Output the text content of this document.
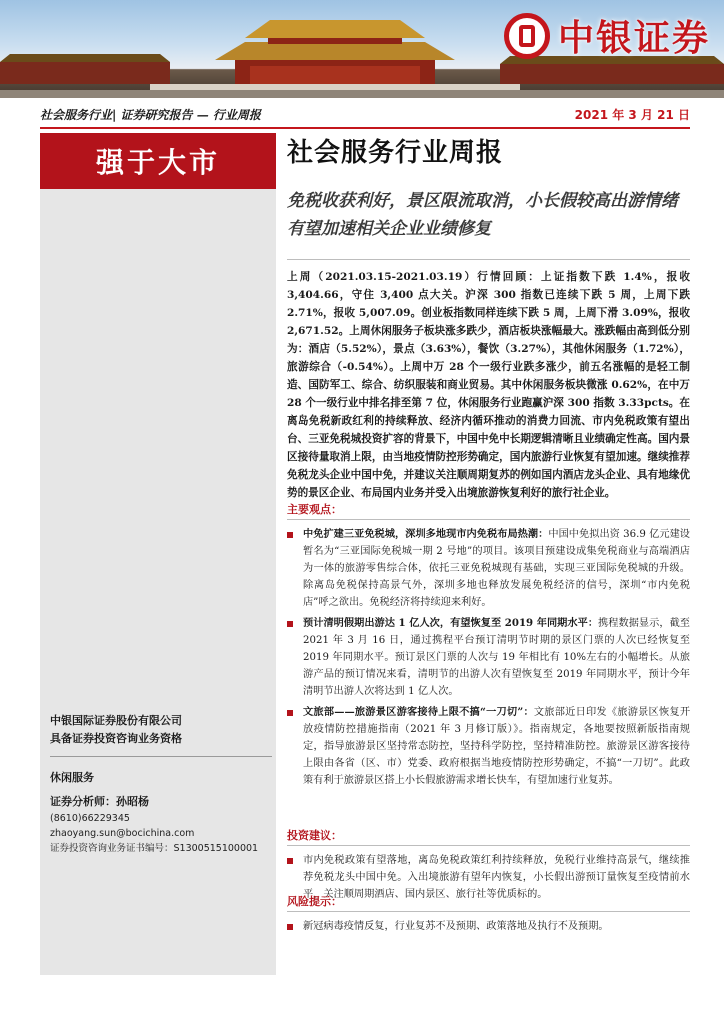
中银证券
社会服务行业| 证券研究报告 — 行业周报	2021 年 3 月 21 日
强于大市
中银国际证券股份有限公司
具备证券投资咨询业务资格
休闲服务
证券分析师：孙昭杨
(8610)66229345
zhaoyang.sun@bocichina.com
证券投资咨询业务证书编号：S1300515100001
社会服务行业周报
免税收获利好，景区限流取消，小长假较高出游情绪有望加速相关企业业绩修复
上周（2021.03.15-2021.03.19）行情回顾：上证指数下跌 1.4%，报收 3,404.66，守住 3,400 点大关。沪深 300 指数已连续下跌 5 周，上周下跌 2.71%，报收 5,007.09。创业板指数同样连续下跌 5 周，上周下滑 3.09%，报收 2,671.52。上周休闲服务子板块涨多跌少，酒店板块涨幅最大。涨跌幅由高到低分别为：酒店（5.52%），景点（3.63%），餐饮（3.27%），其他休闲服务（1.72%），旅游综合（-0.54%）。上周中万 28 个一级行业跌多涨少，前五名涨幅的是轻工制造、国防军工、综合、纺织服装和商业贸易。其中休闲服务板块微涨 0.62%，在中万 28 个一级行业中排名排至第 7 位，休闲服务行业跑赢沪深 300 指数 3.33pcts。在离岛免税新政红利的持续释放、经济内循环推动的消费力回流、市内免税政策有望出台、三亚免税城投资扩容的背景下，中国中免中长期逻辑清晰且业绩确定性高。国内景区接待量取消上限，由当地疫情防控形势确定，国内旅游行业恢复有望加速。继续推荐免税龙头企业中国中免，并建议关注顺周期复苏的例如国内酒店龙头企业、具有地缘优势的景区企业、布局国内业务并受入出境旅游恢复利好的旅行社企业。
主要观点：
中免扩建三亚免税城，深圳多地现市内免税布局热潮：中国中免拟出资 36.9 亿元建设暂名为“三亚国际免税城一期 2 号地”的项目。该项目预建设成集免税商业与高端酒店为一体的旅游零售综合体，依托三亚免税城现有基础，实现三亚国际免税城的升级。除离岛免税保持高景气外，深圳多地也释放发展免税经济的信号，深圳“市内免税店”呼之欲出。免税经济将持续迎来利好。
预计清明假期出游达 1 亿人次，有望恢复至 2019 年同期水平：携程数据显示，截至 2021 年 3 月 16 日，通过携程平台预订清明节时期的景区门票的人次已经恢复至 2019 年同期水平。预订景区门票的人次与 19 年相比有 10%左右的小幅增长。从旅游产品的预订情况来看，清明节的出游人次有望恢复至 2019 年同期水平，预计今年清明节出游人次将达到 1 亿人次。
文旅部——旅游景区游客接待上限不搞“一刀切”：文旅部近日印发《旅游景区恢复开放疫情防控措施指南（2021 年 3 月修订版）》。指南规定，各地要按照新版指南规定，指导旅游景区坚持常态防控，坚持科学防控，坚持精准防控。旅游景区游客接待上限由各省（区、市）党委、政府根据当地疫情防控形势确定，不搞“一刀切”。此政策有利于旅游景区搭上小长假旅游需求增长快车，有望加速行业复苏。
投资建议：
市内免税政策有望落地，离岛免税政策红利持续释放，免税行业维持高景气，继续推荐免税龙头中国中免。入出境旅游有望年内恢复，小长假出游预订量恢复至疫情前水平，关注顺周期酒店、国内景区、旅行社等优质标的。
风险提示：
新冠病毒疫情反复，行业复苏不及预期、政策落地及执行不及预期。
